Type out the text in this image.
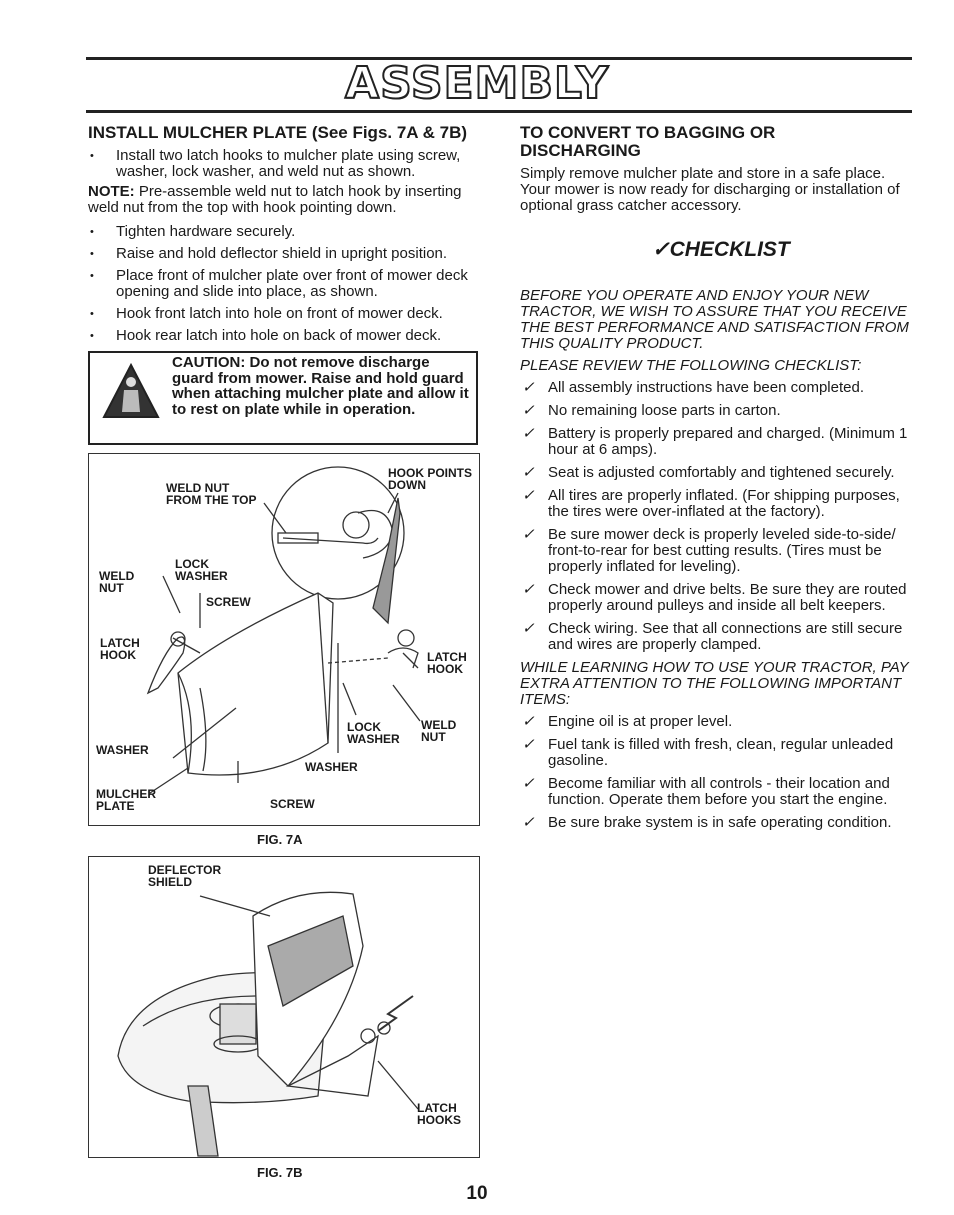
ASSEMBLY
INSTALL MULCHER PLATE (See Figs. 7A & 7B)
• Install two latch hooks to mulcher plate using screw, washer, lock washer, and weld nut as shown.

NOTE: Pre-assemble weld nut to latch hook by inserting weld nut from the top with hook pointing down.

• Tighten hardware securely.
• Raise and hold deflector shield in upright position.
• Place front of mulcher plate over front of mower deck opening and slide into place, as shown.
• Hook front latch into hole on front of mower deck.
• Hook rear latch into hole on back of mower deck.
CAUTION: Do not remove discharge guard from mower. Raise and hold guard when attaching mulcher plate and allow it to rest on plate while in operation.
WELD NUT
FROM THE TOP
HOOK POINTS
DOWN
LOCK
WASHER
WELD
NUT
SCREW
LATCH
HOOK	LATCH
HOOK
LOCK
WASHER
WELD
NUT
WASHER
WASHER
MULCHER
PLATE	SCREW
FIG. 7A
DEFLECTOR
SHIELD
LATCH
HOOKS
FIG. 7B
TO CONVERT TO BAGGING OR
DISCHARGING

Simply remove mulcher plate and store in a safe place. Your mower is now ready for discharging or installation of optional grass catcher accessory.

✓CHECKLIST

BEFORE YOU OPERATE AND ENJOY YOUR NEW TRACTOR, WE WISH TO ASSURE THAT YOU RECEIVE THE BEST PERFORMANCE AND SATISFACTION FROM THIS QUALITY PRODUCT.

PLEASE REVIEW THE FOLLOWING CHECKLIST:

✓ All assembly instructions have been completed.
✓ No remaining loose parts in carton.
✓ Battery is properly prepared and charged. (Minimum 1 hour at 6 amps).
✓ Seat is adjusted comfortably and tightened securely.
✓ All tires are properly inflated. (For shipping purposes, the tires were over-inflated at the factory).
✓ Be sure mower deck is properly leveled side-to-side/ front-to-rear for best cutting results. (Tires must be properly inflated for leveling).
✓ Check mower and drive belts. Be sure they are routed properly around pulleys and inside all belt keepers.
✓ Check wiring. See that all connections are still secure and wires are properly clamped.

WHILE LEARNING HOW TO USE YOUR TRACTOR, PAY EXTRA ATTENTION TO THE FOLLOWING IMPORTANT ITEMS:

✓ Engine oil is at proper level.
✓ Fuel tank is filled with fresh, clean, regular unleaded gasoline.
✓ Become familiar with all controls - their location and function. Operate them before you start the engine.
✓ Be sure brake system is in safe operating condition.
10
